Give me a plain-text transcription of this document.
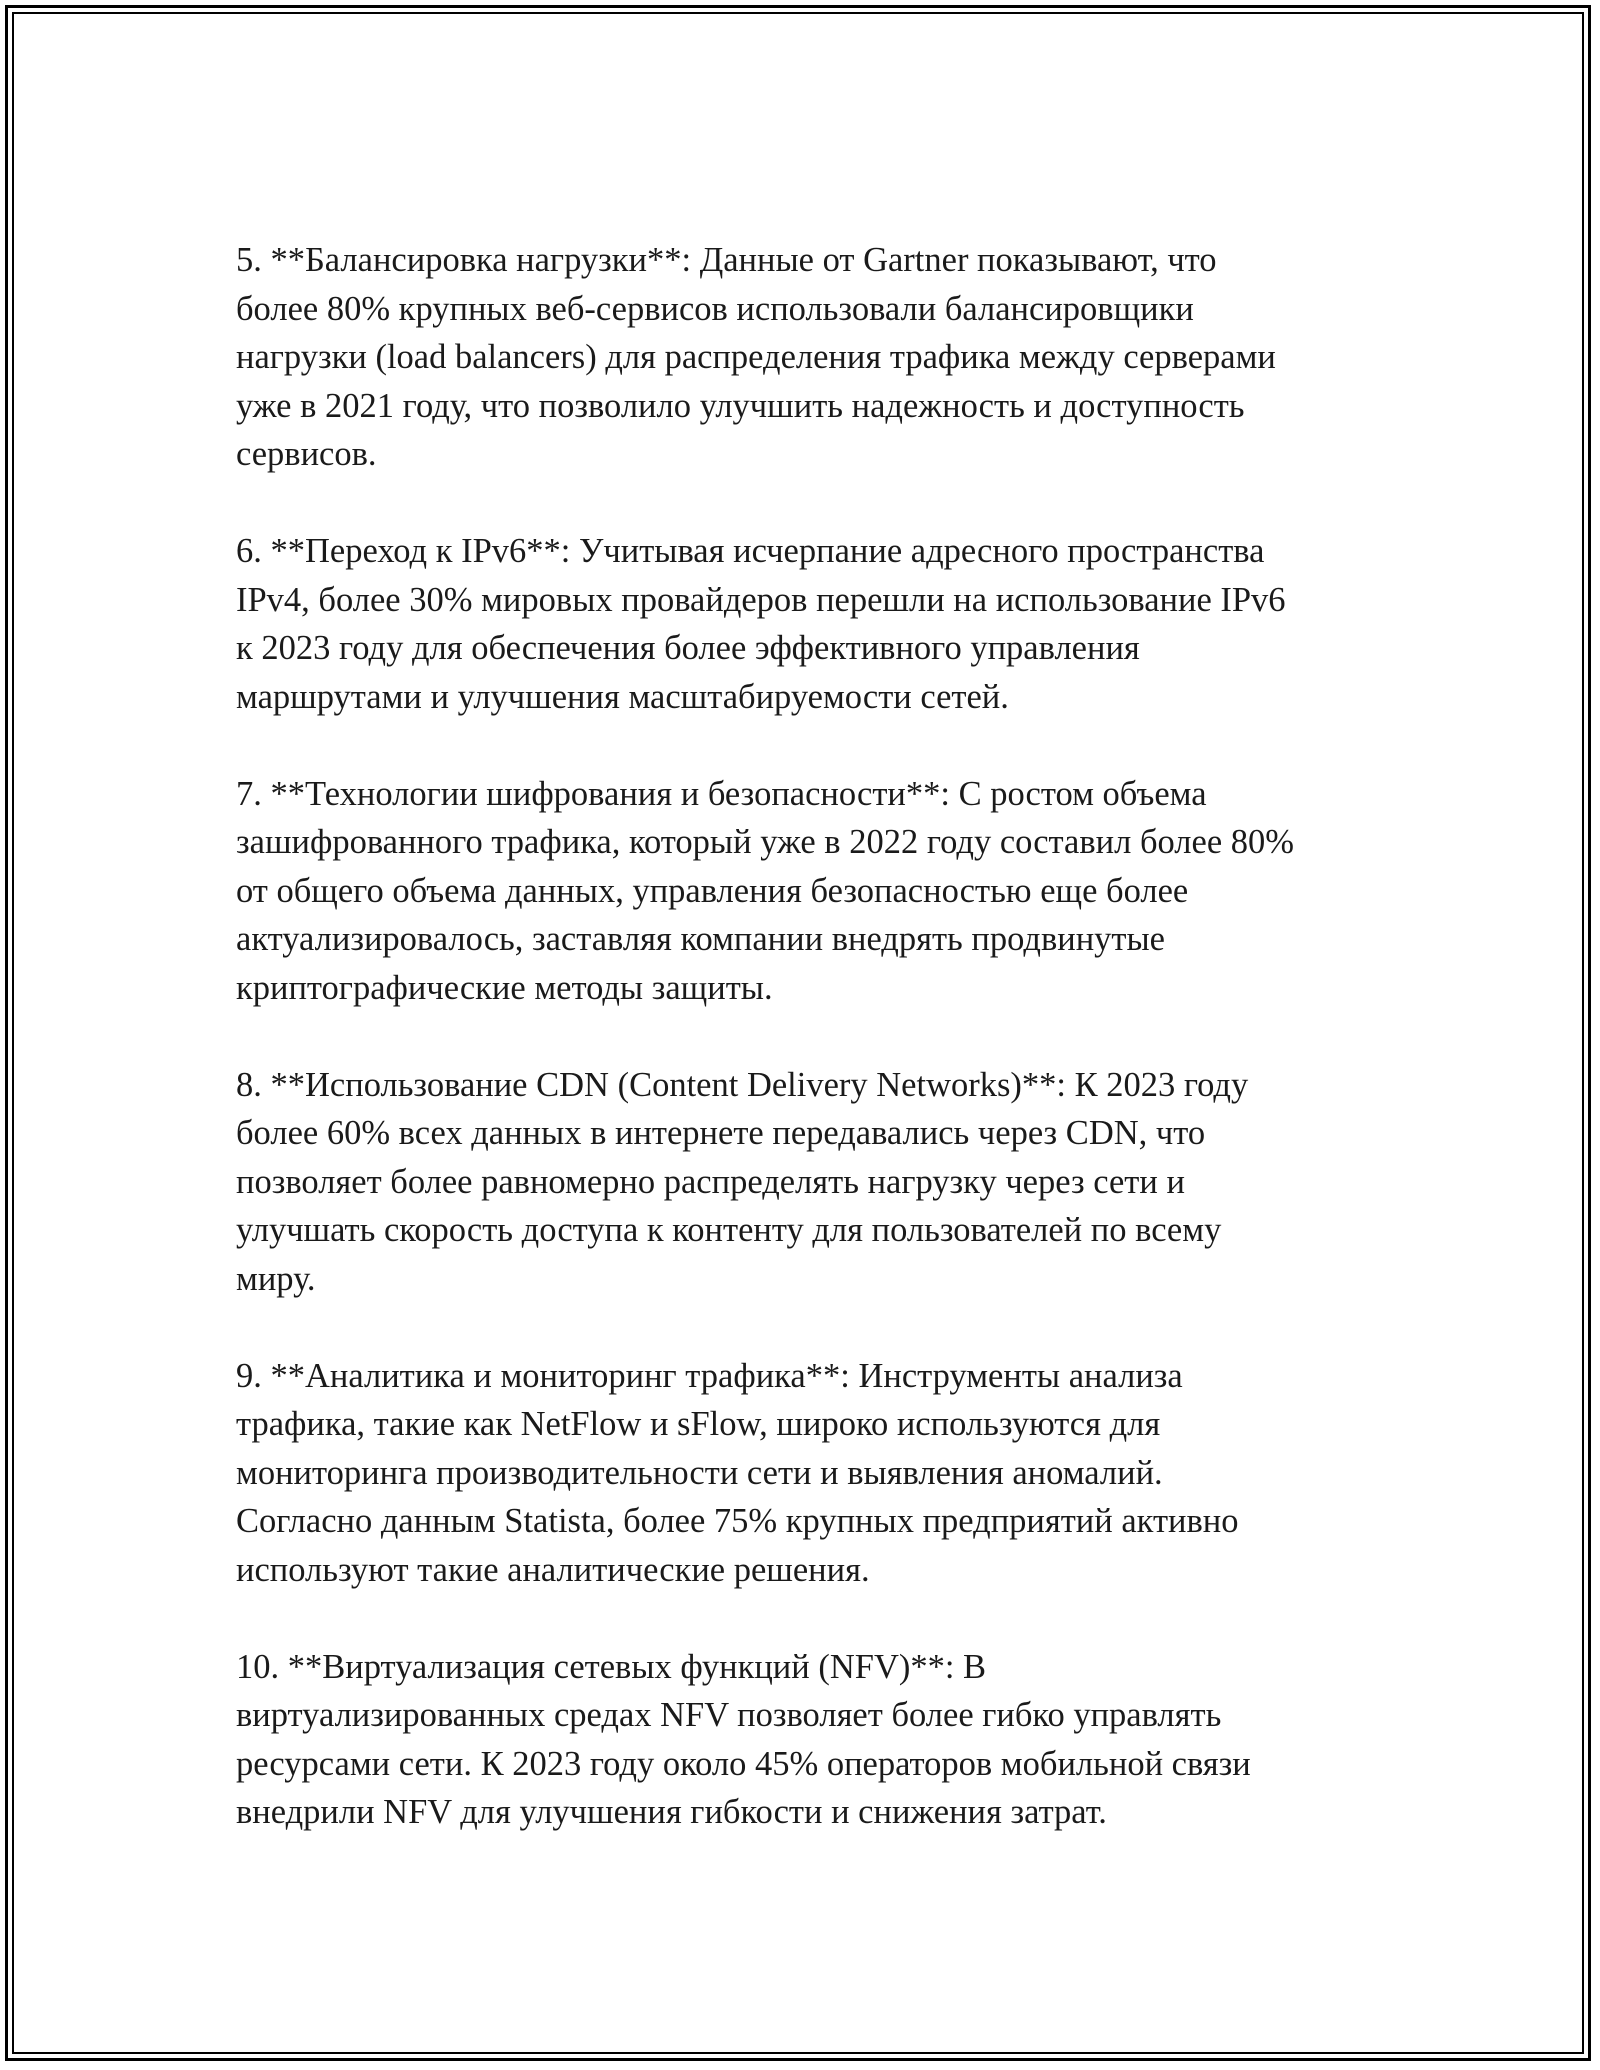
5. **Балансировка нагрузки**: Данные от Gartner показывают, что
более 80% крупных веб-сервисов использовали балансировщики
нагрузки (load balancers) для распределения трафика между серверами
уже в 2021 году, что позволило улучшить надежность и доступность
сервисов.

6. **Переход к IPv6**: Учитывая исчерпание адресного пространства
IPv4, более 30% мировых провайдеров перешли на использование IPv6
к 2023 году для обеспечения более эффективного управления
маршрутами и улучшения масштабируемости сетей.

7. **Технологии шифрования и безопасности**: С ростом объема
зашифрованного трафика, который уже в 2022 году составил более 80%
от общего объема данных, управления безопасностью еще более
актуализировалось, заставляя компании внедрять продвинутые
криптографические методы защиты.

8. **Использование CDN (Content Delivery Networks)**: К 2023 году
более 60% всех данных в интернете передавались через CDN, что
позволяет более равномерно распределять нагрузку через сети и
улучшать скорость доступа к контенту для пользователей по всему
миру.

9. **Аналитика и мониторинг трафика**: Инструменты анализа
трафика, такие как NetFlow и sFlow, широко используются для
мониторинга производительности сети и выявления аномалий.
Согласно данным Statista, более 75% крупных предприятий активно
используют такие аналитические решения.

10. **Виртуализация сетевых функций (NFV)**: В
виртуализированных средах NFV позволяет более гибко управлять
ресурсами сети. К 2023 году около 45% операторов мобильной связи
внедрили NFV для улучшения гибкости и снижения затрат.
